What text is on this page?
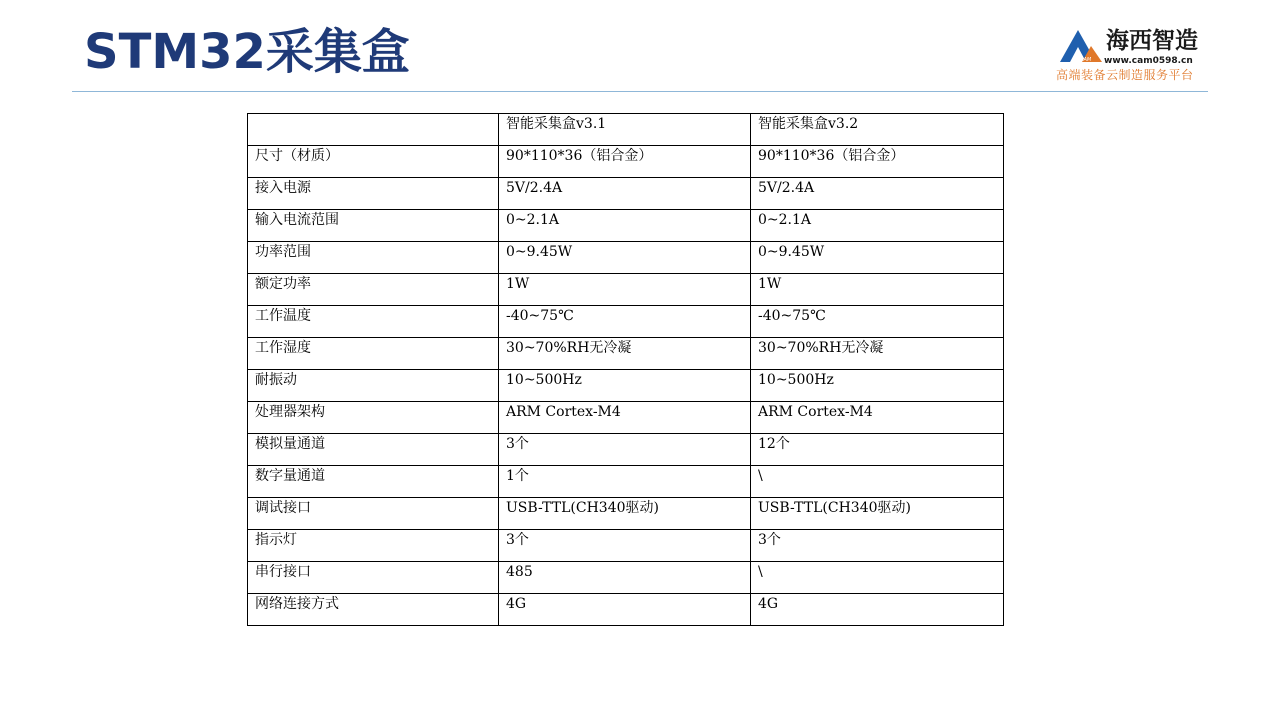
STM32采集盒	CAM
海西智造
www.cam0598.cn
高端装备云制造服务平台
	智能采集盒v3.1	智能采集盒v3.2
尺寸（材质）	90*110*36（铝合金）	90*110*36（铝合金）
接入电源	5V/2.4A	5V/2.4A
输入电流范围	0~2.1A	0~2.1A
功率范围	0~9.45W	0~9.45W
额定功率	1W	1W
工作温度	-40~75℃	-40~75℃
工作湿度	30~70%RH无冷凝	30~70%RH无冷凝
耐振动	10~500Hz	10~500Hz
处理器架构	ARM Cortex-M4	ARM Cortex-M4
模拟量通道	3个	12个
数字量通道	1个	\
调试接口	USB-TTL(CH340驱动)	USB-TTL(CH340驱动)
指示灯	3个	3个
串行接口	485	\
网络连接方式	4G	4G
